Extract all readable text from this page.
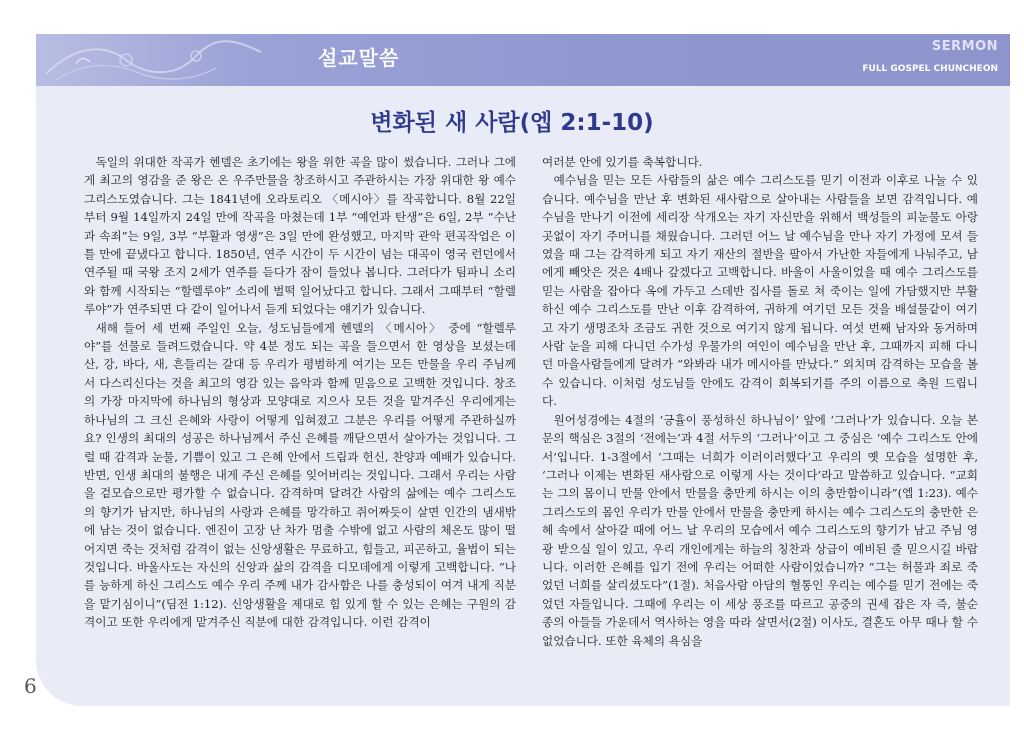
설교말씀	SERMON
FULL GOSPEL CHUNCHEON
변화된 새 사람(엡 2:1-10)

독일의 위대한 작곡가 헨델은 초기에는 왕을 위한 곡을 많이 썼습니다. 그러나 그에게 최고의 영감을 준 왕은 온 우주만물을 창조하시고 주관하시는 가장 위대한 왕 예수 그리스도였습니다. 그는 1841년에 오라토리오 〈메시아〉를 작곡합니다. 8월 22일부터 9월 14일까지 24일 만에 작곡을 마쳤는데 1부 “예언과 탄생”은 6일, 2부 “수난과 속죄”는 9일, 3부 “부활과 영생”은 3일 만에 완성했고, 마지막 관악 편곡작업은 이틀 만에 끝냈다고 합니다. 1850년, 연주 시간이 두 시간이 넘는 대곡이 영국 런던에서 연주될 때 국왕 조지 2세가 연주를 듣다가 잠이 들었나 봅니다. 그러다가 팀파니 소리와 함께 시작되는 “할렐루야” 소리에 벌떡 일어났다고 합니다. 그래서 그때부터 “할렐루야”가 연주되면 다 같이 일어나서 듣게 되었다는 얘기가 있습니다.

새해 들어 세 번째 주일인 오늘, 성도님들에게 헨델의 〈메시아〉 중에 “할렐루야”를 선물로 들려드렸습니다. 약 4분 정도 되는 곡을 들으면서 한 영상을 보셨는데 산, 강, 바다, 새, 흔들리는 갈대 등 우리가 평범하게 여기는 모든 만물을 우리 주님께서 다스리신다는 것을 최고의 영감 있는 음악과 함께 믿음으로 고백한 것입니다. 창조의 가장 마지막에 하나님의 형상과 모양대로 지으사 모든 것을 맡겨주신 우리에게는 하나님의 그 크신 은혜와 사랑이 어떻게 입혀졌고 그분은 우리를 어떻게 주관하실까요? 인생의 최대의 성공은 하나님께서 주신 은혜를 깨닫으면서 살아가는 것입니다. 그럴 때 감격과 눈물, 기쁨이 있고 그 은혜 안에서 드림과 헌신, 찬양과 예배가 있습니다. 반면, 인생 최대의 불행은 내게 주신 은혜를 잊어버리는 것입니다. 그래서 우리는 사람을 겉모습으로만 평가할 수 없습니다. 감격하며 달려간 사람의 삶에는 예수 그리스도의 향기가 남지만, 하나님의 사랑과 은혜를 망각하고 쥐어짜듯이 살면 인간의 냄새밖에 남는 것이 없습니다. 엔진이 고장 난 차가 멈출 수밖에 없고 사람의 체온도 많이 떨어지면 죽는 것처럼 감격이 없는 신앙생활은 무료하고, 힘들고, 피곤하고, 율법이 되는 것입니다. 바울사도는 자신의 신앙과 삶의 감격을 디모데에게 이렇게 고백합니다. “나를 능하게 하신 그리스도 예수 우리 주께 내가 감사함은 나를 충성되이 여겨 내게 직분을 맡기심이니”(딤전 1:12). 신앙생활을 제대로 힘 있게 할 수 있는 은혜는 구원의 감격이고 또한 우리에게 맡겨주신 직분에 대한 감격입니다. 이런 감격이

여러분 안에 있기를 축복합니다.

예수님을 믿는 모든 사람들의 삶은 예수 그리스도를 믿기 이전과 이후로 나눌 수 있습니다. 예수님을 만난 후 변화된 새사람으로 살아내는 사람들을 보면 감격입니다. 예수님을 만나기 이전에 세리장 삭개오는 자기 자신만을 위해서 백성들의 피눈물도 아랑곳없이 자기 주머니를 채웠습니다. 그러던 어느 날 예수님을 만나 자기 가정에 모셔 들였을 때 그는 감격하게 되고 자기 재산의 절반을 팔아서 가난한 자들에게 나눠주고, 남에게 빼앗은 것은 4배나 갚겠다고 고백합니다. 바울이 사울이었을 때 예수 그리스도를 믿는 사람을 잡아다 옥에 가두고 스데반 집사를 돌로 쳐 죽이는 일에 가담했지만 부활하신 예수 그리스도를 만난 이후 감격하여, 귀하게 여기던 모든 것을 배설물같이 여기고 자기 생명조차 조금도 귀한 것으로 여기지 않게 됩니다. 여섯 번째 남자와 동거하며 사람 눈을 피해 다니던 수가성 우물가의 여인이 예수님을 만난 후, 그때까지 피해 다니던 마을사람들에게 달려가 “와봐라 내가 메시아를 만났다.” 외치며 감격하는 모습을 볼 수 있습니다. 이처럼 성도님들 안에도 감격이 회복되기를 주의 이름으로 축원 드립니다.

원어성경에는 4절의 ‘긍휼이 풍성하신 하나님이’ 앞에 ‘그러나’가 있습니다. 오늘 본문의 핵심은 3절의 ‘전에는’과 4절 서두의 ‘그러나’이고 그 중심은 ‘예수 그리스도 안에서’입니다. 1-3절에서 ‘그때는 너희가 이러이러했다’고 우리의 옛 모습을 설명한 후, ‘그러나 이제는 변화된 새사람으로 이렇게 사는 것이다’라고 말씀하고 있습니다. “교회는 그의 몸이니 만물 안에서 만물을 충만케 하시는 이의 충만함이니라”(엡 1:23). 예수 그리스도의 몸인 우리가 만물 안에서 만물을 충만케 하시는 예수 그리스도의 충만한 은혜 속에서 살아갈 때에 어느 날 우리의 모습에서 예수 그리스도의 향기가 남고 주님 영광 받으실 일이 있고, 우리 개인에게는 하늘의 칭찬과 상급이 예비된 줄 믿으시길 바랍니다. 이러한 은혜를 입기 전에 우리는 어떠한 사람이었습니까? “그는 허물과 죄로 죽었던 너희를 살리셨도다”(1절). 처음사람 아담의 혈통인 우리는 예수를 믿기 전에는 죽었던 자들입니다. 그때에 우리는 이 세상 풍조를 따르고 공중의 권세 잡은 자 즉, 불순종의 아들들 가운데서 역사하는 영을 따라 살면서(2절) 이사도, 결혼도 아무 때나 할 수 없었습니다. 또한 육체의 욕심을

6
